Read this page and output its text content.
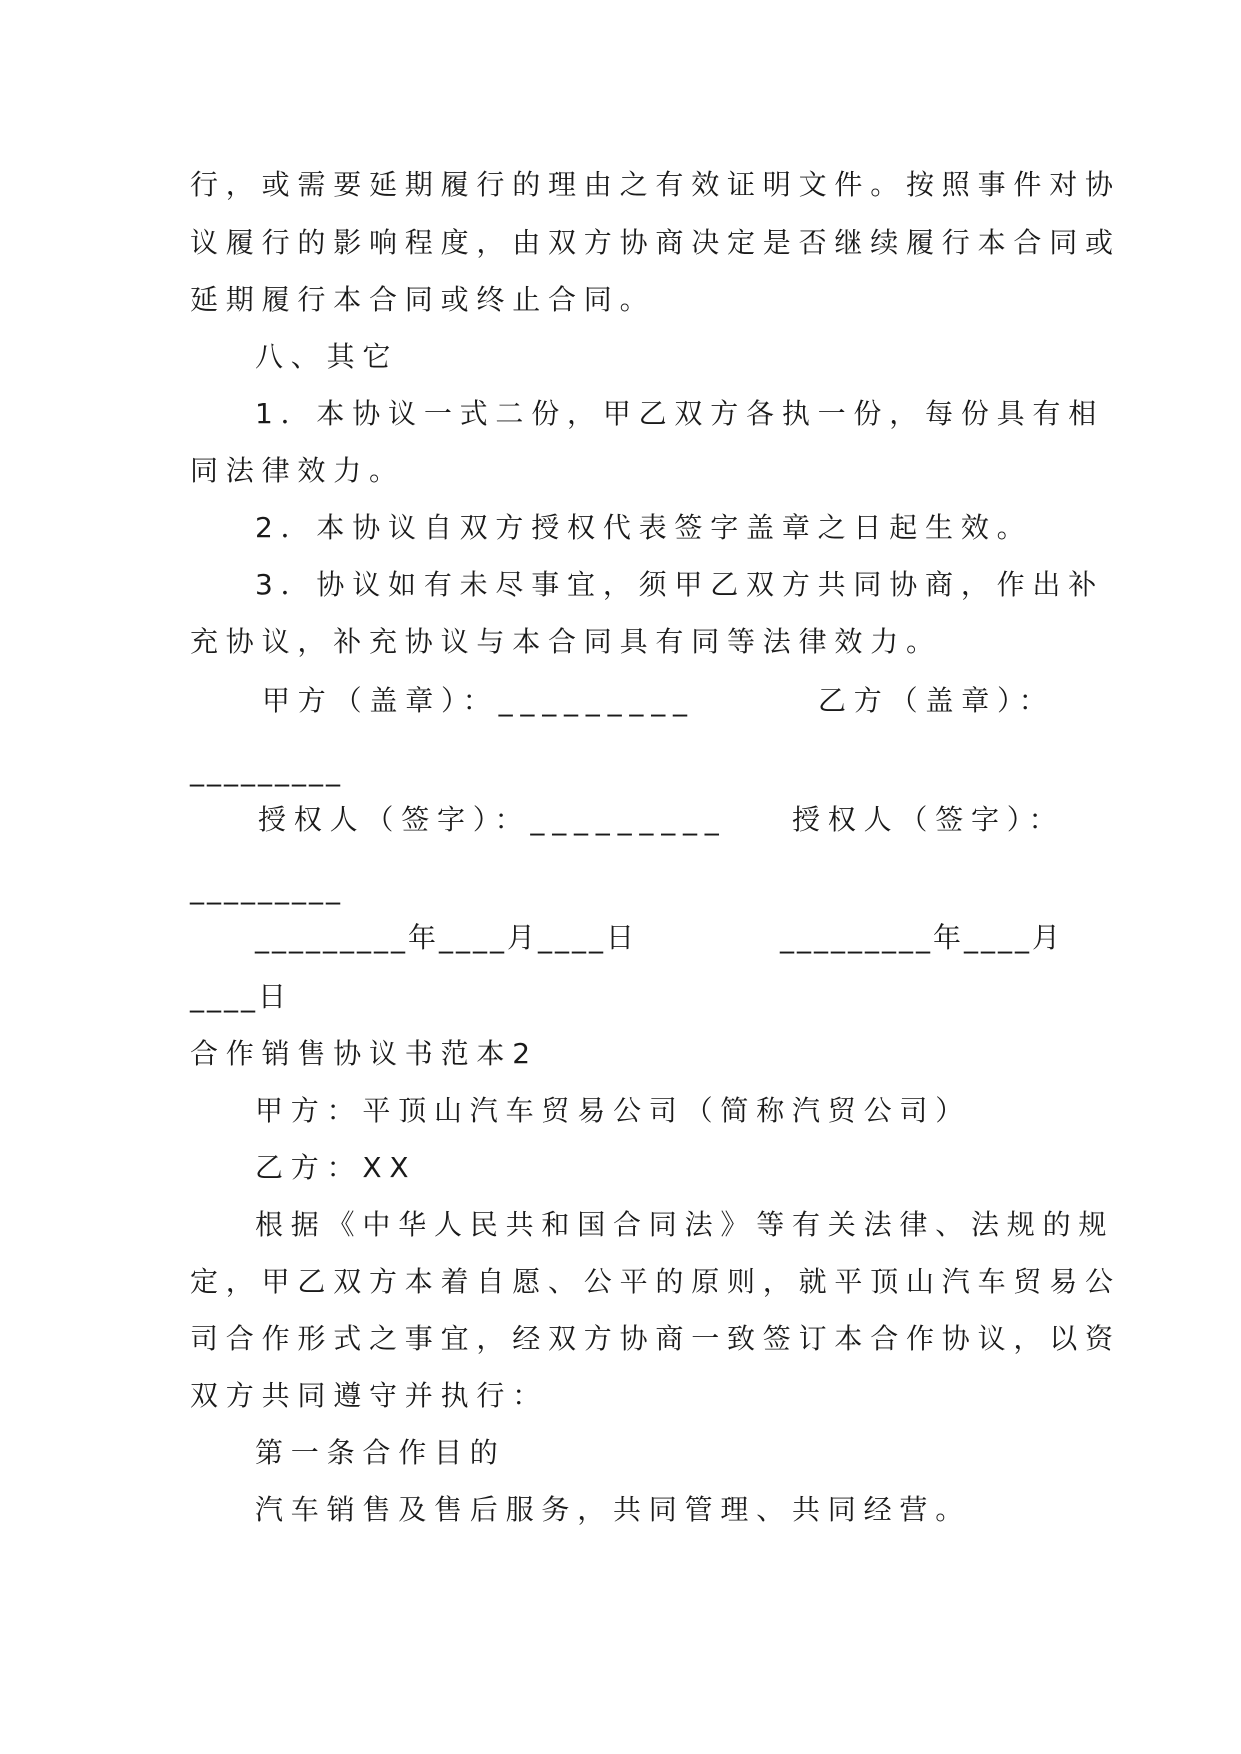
行，或需要延期履行的理由之有效证明文件。按照事件对协
议履行的影响程度，由双方协商决定是否继续履行本合同或
延期履行本合同或终止合同。
八、其它
1．本协议一式二份，甲乙双方各执一份，每份具有相
同法律效力。
2．本协议自双方授权代表签字盖章之日起生效。
3．协议如有未尽事宜，须甲乙双方共同协商，作出补
充协议，补充协议与本合同具有同等法律效力。
甲方（盖章）：_________	乙方（盖章）：
_________
授权人（签字）：_________ 授权人（签字）：
_________
_________年____月____日	_________年____月
____日
合作销售协议书范本2
甲方：平顶山汽车贸易公司（简称汽贸公司）
乙方：XX
根据《中华人民共和国合同法》等有关法律、法规的规
定，甲乙双方本着自愿、公平的原则，就平顶山汽车贸易公
司合作形式之事宜，经双方协商一致签订本合作协议，以资
双方共同遵守并执行：
第一条合作目的
汽车销售及售后服务，共同管理、共同经营。
